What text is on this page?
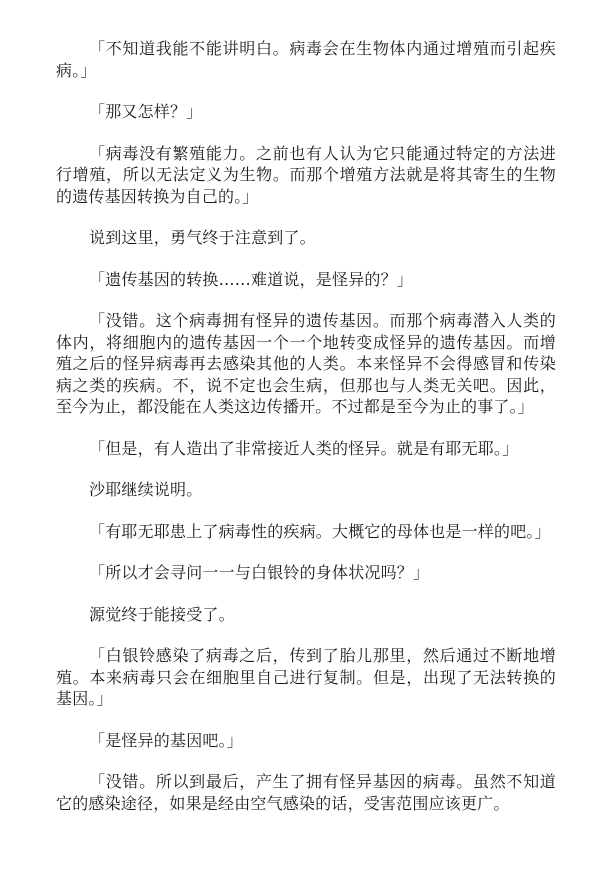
「不知道我能不能讲明白。病毒会在生物体内通过增殖而引起疾病。」

「那又怎样？」

「病毒没有繁殖能力。之前也有人认为它只能通过特定的方法进行增殖，所以无法定义为生物。而那个增殖方法就是将其寄生的生物的遗传基因转换为自己的。」

说到这里，勇气终于注意到了。

「遗传基因的转换……难道说，是怪异的？」

「没错。这个病毒拥有怪异的遗传基因。而那个病毒潜入人类的体内，将细胞内的遗传基因一个一个地转变成怪异的遗传基因。而增殖之后的怪异病毒再去感染其他的人类。本来怪异不会得感冒和传染病之类的疾病。不，说不定也会生病，但那也与人类无关吧。因此，至今为止，都没能在人类这边传播开。不过都是至今为止的事了。」

「但是，有人造出了非常接近人类的怪异。就是有耶无耶。」

沙耶继续说明。

「有耶无耶患上了病毒性的疾病。大概它的母体也是一样的吧。」

「所以才会寻问一一与白银铃的身体状况吗？」

源觉终于能接受了。

「白银铃感染了病毒之后，传到了胎儿那里，然后通过不断地增殖。本来病毒只会在细胞里自己进行复制。但是，出现了无法转换的基因。」

「是怪异的基因吧。」

「没错。所以到最后，产生了拥有怪异基因的病毒。虽然不知道它的感染途径，如果是经由空气感染的话，受害范围应该更广。
